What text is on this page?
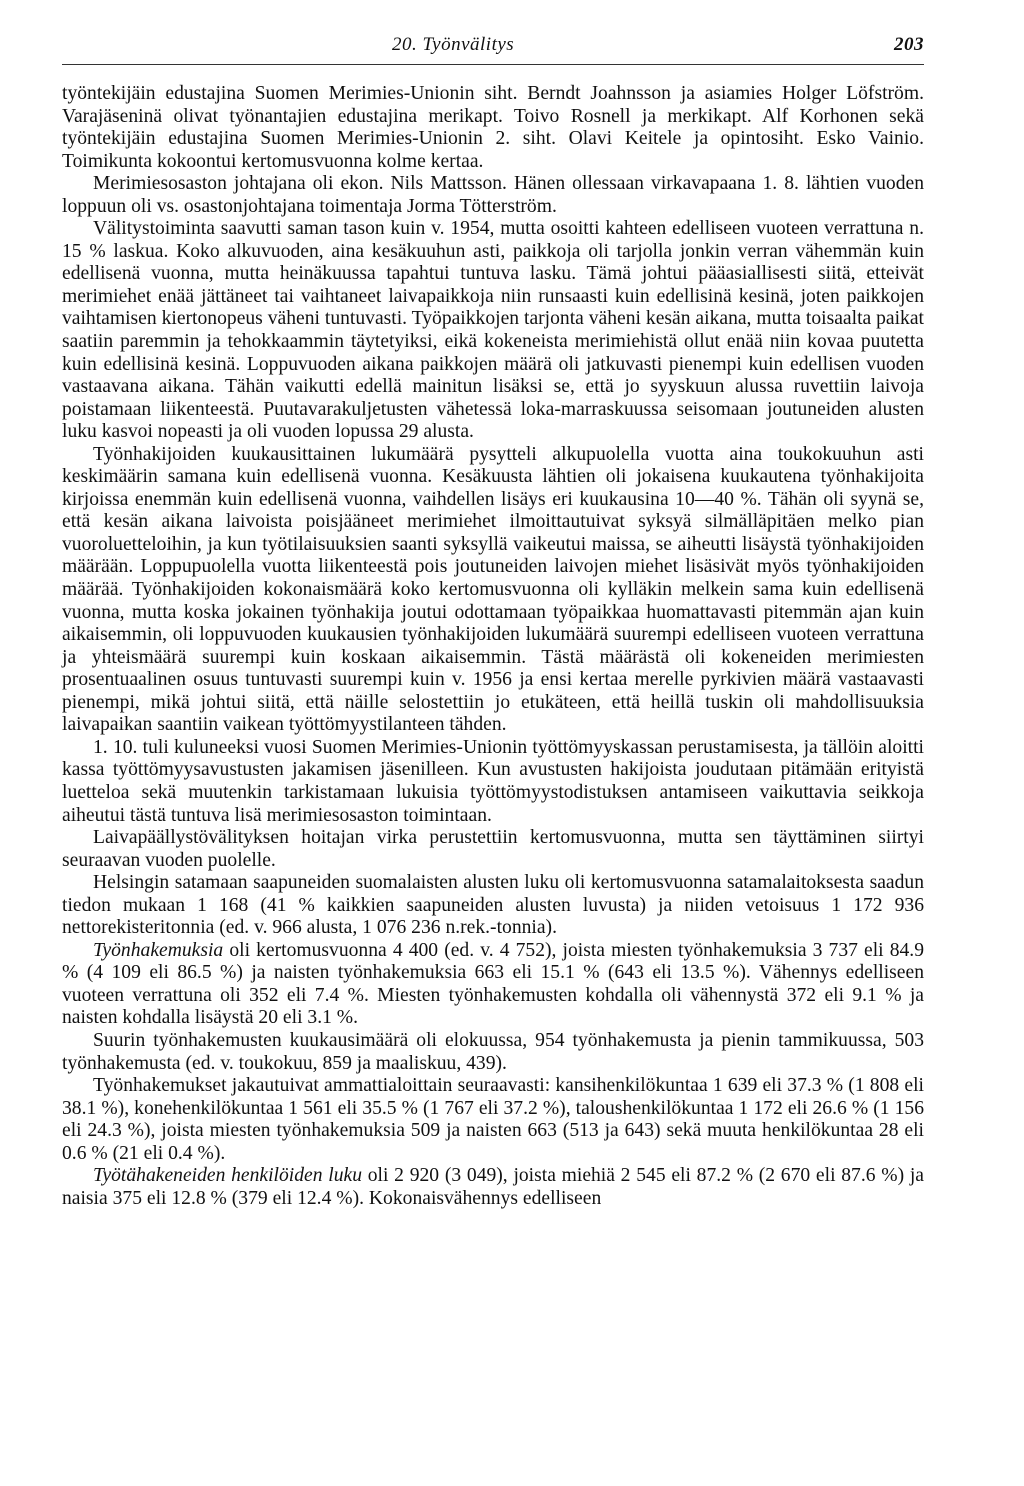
20. Työnvälitys	203

työntekijäin edustajina Suomen Merimies-Unionin siht. Berndt Joahnsson ja asiamies Holger Löfström. Varajäseninä olivat työnantajien edustajina merikapt. Toivo Rosnell ja merkikapt. Alf Korhonen sekä työntekijäin edustajina Suomen Merimies-Unionin 2. siht. Olavi Keitele ja opintosiht. Esko Vainio. Toimikunta kokoontui kertomusvuonna kolme kertaa.

Merimiesosaston johtajana oli ekon. Nils Mattsson. Hänen ollessaan virkavapaana 1. 8. lähtien vuoden loppuun oli vs. osastonjohtajana toimentaja Jorma Tötterström.

Välitystoiminta saavutti saman tason kuin v. 1954, mutta osoitti kahteen edelliseen vuoteen verrattuna n. 15 % laskua. Koko alkuvuoden, aina kesäkuuhun asti, paikkoja oli tarjolla jonkin verran vähemmän kuin edellisenä vuonna, mutta heinäkuussa tapahtui tuntuva lasku. Tämä johtui pääasiallisesti siitä, etteivät merimiehet enää jättäneet tai vaihtaneet laivapaikkoja niin runsaasti kuin edellisinä kesinä, joten paikkojen vaihtamisen kiertonopeus väheni tuntuvasti. Työpaikkojen tarjonta väheni kesän aikana, mutta toisaalta paikat saatiin paremmin ja tehokkaammin täytetyiksi, eikä kokeneista merimiehistä ollut enää niin kovaa puutetta kuin edellisinä kesinä. Loppuvuoden aikana paikkojen määrä oli jatkuvasti pienempi kuin edellisen vuoden vastaavana aikana. Tähän vaikutti edellä mainitun lisäksi se, että jo syyskuun alussa ruvettiin laivoja poistamaan liikenteestä. Puutavarakuljetusten vähetessä loka-marraskuussa seisomaan joutuneiden alusten luku kasvoi nopeasti ja oli vuoden lopussa 29 alusta.

Työnhakijoiden kuukausittainen lukumäärä pysytteli alkupuolella vuotta aina toukokuuhun asti keskimäärin samana kuin edellisenä vuonna. Kesäkuusta lähtien oli jokaisena kuukautena työnhakijoita kirjoissa enemmän kuin edellisenä vuonna, vaihdellen lisäys eri kuukausina 10—40 %. Tähän oli syynä se, että kesän aikana laivoista poisjääneet merimiehet ilmoittautuivat syksyä silmälläpitäen melko pian vuoroluetteloihin, ja kun työtilaisuuksien saanti syksyllä vaikeutui maissa, se aiheutti lisäystä työnhakijoiden määrään. Loppupuolella vuotta liikenteestä pois joutuneiden laivojen miehet lisäsivät myös työnhakijoiden määrää. Työnhakijoiden kokonaismäärä koko kertomusvuonna oli kylläkin melkein sama kuin edellisenä vuonna, mutta koska jokainen työnhakija joutui odottamaan työpaikkaa huomattavasti pitemmän ajan kuin aikaisemmin, oli loppuvuoden kuukausien työnhakijoiden lukumäärä suurempi edelliseen vuoteen verrattuna ja yhteismäärä suurempi kuin koskaan aikaisemmin. Tästä määrästä oli kokeneiden merimiesten prosentuaalinen osuus tuntuvasti suurempi kuin v. 1956 ja ensi kertaa merelle pyrkivien määrä vastaavasti pienempi, mikä johtui siitä, että näille selostettiin jo etukäteen, että heillä tuskin oli mahdollisuuksia laivapaikan saantiin vaikean työttömyystilanteen tähden.

1. 10. tuli kuluneeksi vuosi Suomen Merimies-Unionin työttömyyskassan perustamisesta, ja tällöin aloitti kassa työttömyysavustusten jakamisen jäsenilleen. Kun avustusten hakijoista joudutaan pitämään erityistä luetteloa sekä muutenkin tarkistamaan lukuisia työttömyystodistuksen antamiseen vaikuttavia seikkoja aiheutui tästä tuntuva lisä merimiesosaston toimintaan.

Laivapäällystövälityksen hoitajan virka perustettiin kertomusvuonna, mutta sen täyttäminen siirtyi seuraavan vuoden puolelle.

Helsingin satamaan saapuneiden suomalaisten alusten luku oli kertomusvuonna satamalaitoksesta saadun tiedon mukaan 1 168 (41 % kaikkien saapuneiden alusten luvusta) ja niiden vetoisuus 1 172 936 nettorekisteritonnia (ed. v. 966 alusta, 1 076 236 n.rek.-tonnia).

Työnhakemuksia oli kertomusvuonna 4 400 (ed. v. 4 752), joista miesten työnhakemuksia 3 737 eli 84.9 % (4 109 eli 86.5 %) ja naisten työnhakemuksia 663 eli 15.1 % (643 eli 13.5 %). Vähennys edelliseen vuoteen verrattuna oli 352 eli 7.4 %. Miesten työnhakemusten kohdalla oli vähennystä 372 eli 9.1 % ja naisten kohdalla lisäystä 20 eli 3.1 %.

Suurin työnhakemusten kuukausimäärä oli elokuussa, 954 työnhakemusta ja pienin tammikuussa, 503 työnhakemusta (ed. v. toukokuu, 859 ja maaliskuu, 439).

Työnhakemukset jakautuivat ammattialoittain seuraavasti: kansihenkilökuntaa 1 639 eli 37.3 % (1 808 eli 38.1 %), konehenkilökuntaa 1 561 eli 35.5 % (1 767 eli 37.2 %), taloushenkilökuntaa 1 172 eli 26.6 % (1 156 eli 24.3 %), joista miesten työnhakemuksia 509 ja naisten 663 (513 ja 643) sekä muuta henkilökuntaa 28 eli 0.6 % (21 eli 0.4 %).

Työtähakeneiden henkilöiden luku oli 2 920 (3 049), joista miehiä 2 545 eli 87.2 % (2 670 eli 87.6 %) ja naisia 375 eli 12.8 % (379 eli 12.4 %). Kokonaisvähennys edelliseen
